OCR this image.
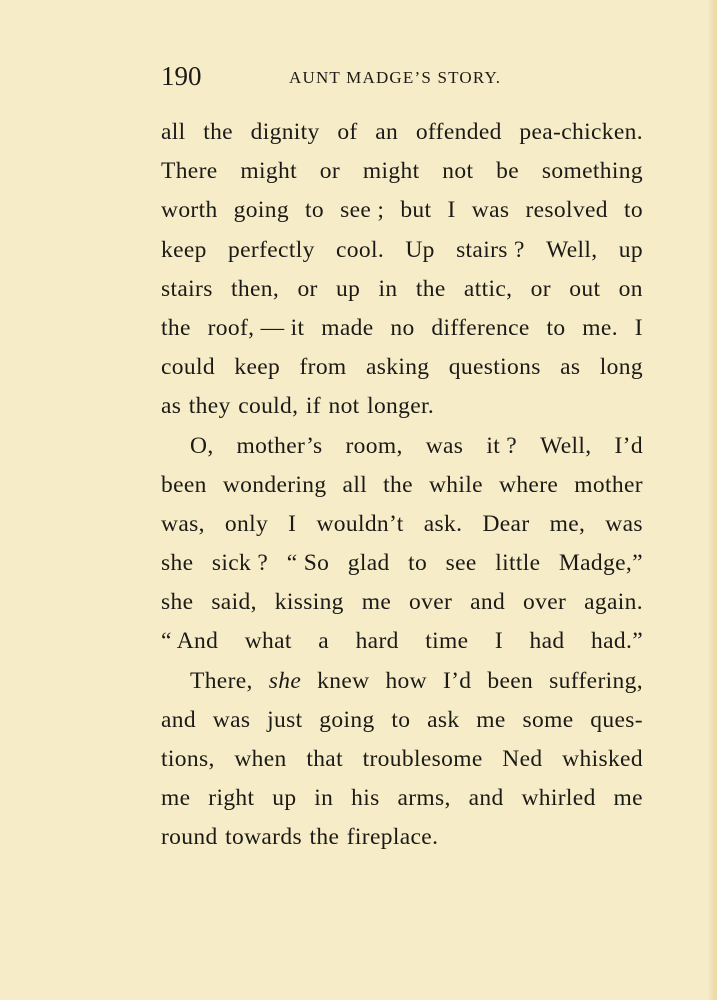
190	AUNT MADGE’S STORY.
all the dignity of an offended pea-chicken.
There might or might not be something
worth going to see ; but I was resolved to
keep perfectly cool. Up stairs ? Well, up
stairs then, or up in the attic, or out on
the roof, — it made no difference to me. I
could keep from asking questions as long
as they could, if not longer.
O, mother’s room, was it ? Well, I’d
been wondering all the while where mother
was, only I wouldn’t ask. Dear me, was
she sick ? “ So glad to see little Madge,”
she said, kissing me over and over again.
“ And what a hard time I had had.”
There, she knew how I’d been suffering,
and was just going to ask me some ques-
tions, when that troublesome Ned whisked
me right up in his arms, and whirled me
round towards the fireplace.
